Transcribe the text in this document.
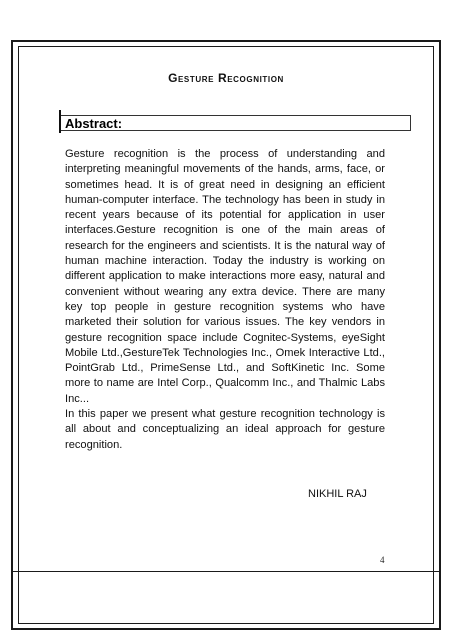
Gesture Recognition
Abstract:

Gesture recognition is the process of understanding and interpreting meaningful movements of the hands, arms, face, or sometimes head. It is of great need in designing an efficient human-computer interface. The technology has been in study in recent years because of its potential for application in user interfaces.Gesture recognition is one of the main areas of research for the engineers and scientists. It is the natural way of human machine interaction. Today the industry is working on different application to make interactions more easy, natural and convenient without wearing any extra device. There are many key top people in gesture recognition systems who have marketed their solution for various issues. The key vendors in gesture recognition space include Cognitec-Systems, eyeSight Mobile Ltd.,GestureTek Technologies Inc., Omek Interactive Ltd., PointGrab Ltd., PrimeSense Ltd., and SoftKinetic Inc. Some more to name are Intel Corp., Qualcomm Inc., and Thalmic Labs Inc...

In this paper we present what gesture recognition technology is all about and conceptualizing an ideal approach for gesture recognition.

NIKHIL RAJ
4
